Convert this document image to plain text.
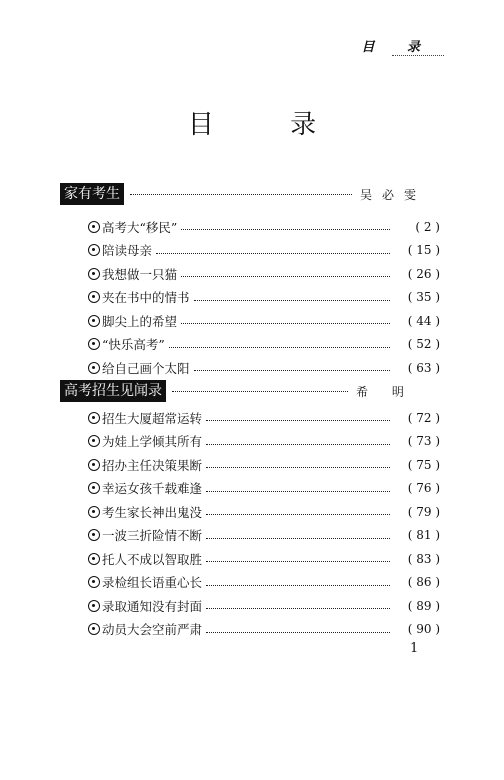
目 录
目 录
家有考生	吴必雯
高考大“移民”	( 2 )
陪读母亲	( 15 )
我想做一只猫	( 26 )
夹在书中的情书	( 35 )
脚尖上的希望	( 44 )
“快乐高考”	( 52 )
给自己画个太阳	( 63 )
高考招生见闻录	希 明
招生大厦超常运转	( 72 )
为娃上学倾其所有	( 73 )
招办主任决策果断	( 75 )
幸运女孩千载难逢	( 76 )
考生家长神出鬼没	( 79 )
一波三折险情不断	( 81 )
托人不成以智取胜	( 83 )
录检组长语重心长	( 86 )
录取通知没有封面	( 89 )
动员大会空前严肃	( 90 )
1
